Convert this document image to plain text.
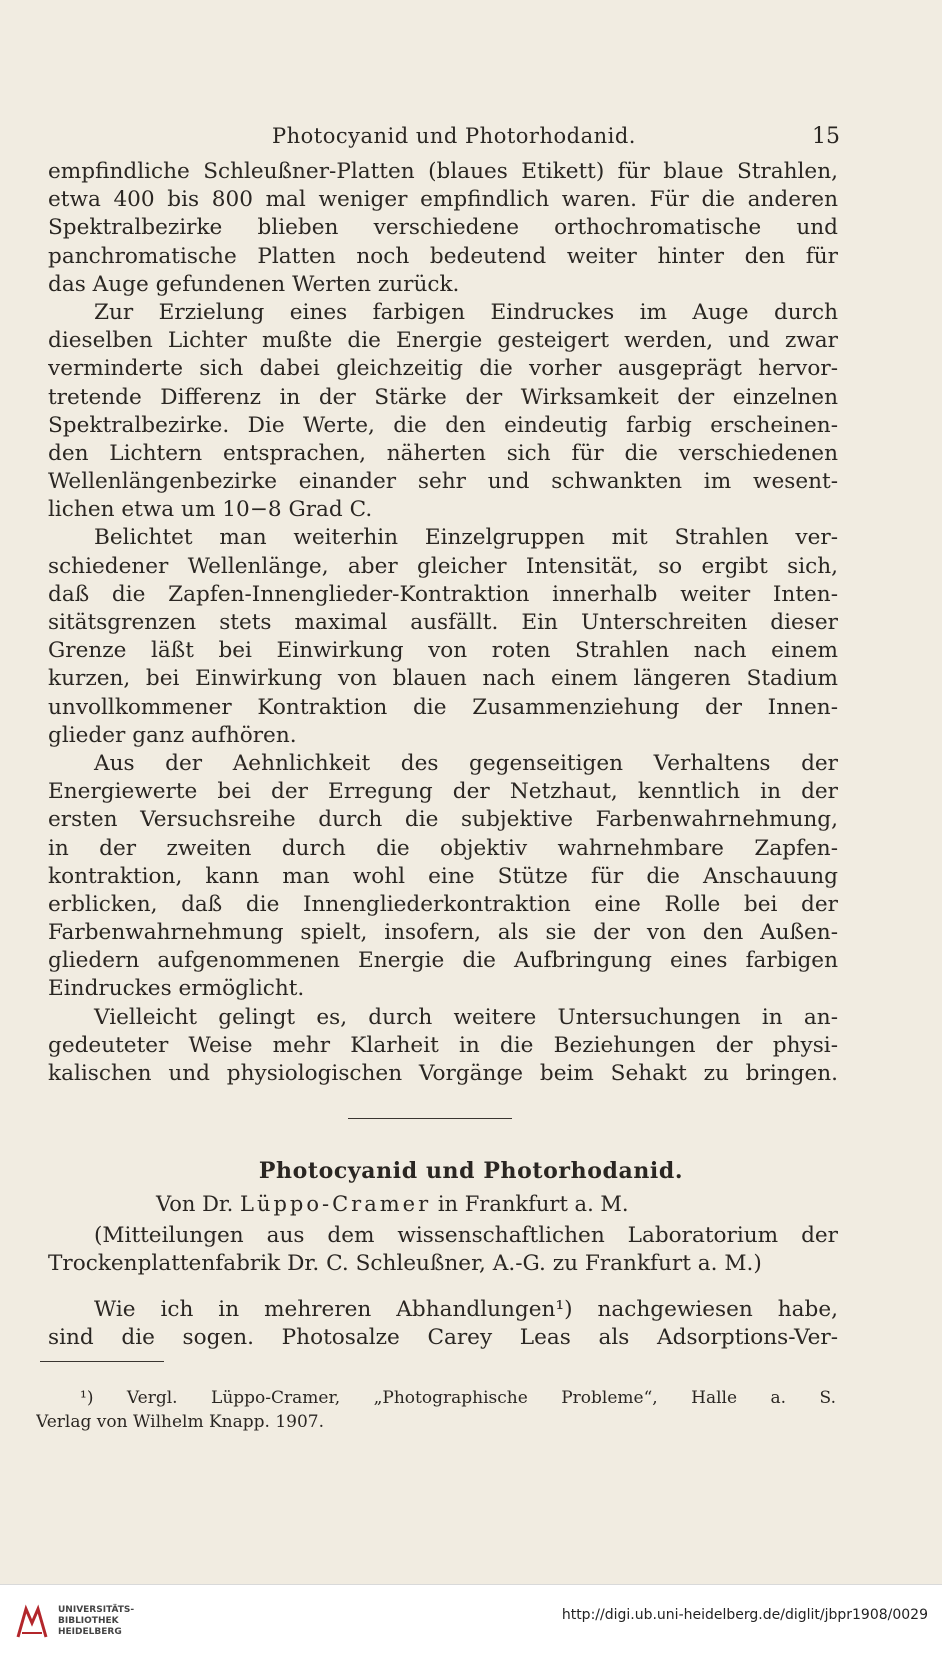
Photocyanid und Photorhodanid.	15
empfindliche Schleußner-Platten (blaues Etikett) für blaue Strahlen,
etwa 400 bis 800 mal weniger empfindlich waren. Für die anderen
Spektralbezirke blieben verschiedene orthochromatische und
panchromatische Platten noch bedeutend weiter hinter den für
das Auge gefundenen Werten zurück.
Zur Erzielung eines farbigen Eindruckes im Auge durch
dieselben Lichter mußte die Energie gesteigert werden, und zwar
verminderte sich dabei gleichzeitig die vorher ausgeprägt hervor-
tretende Differenz in der Stärke der Wirksamkeit der einzelnen
Spektralbezirke. Die Werte, die den eindeutig farbig erscheinen-
den Lichtern entsprachen, näherten sich für die verschiedenen
Wellenlängenbezirke einander sehr und schwankten im wesent-
lichen etwa um 10−8 Grad C.
Belichtet man weiterhin Einzelgruppen mit Strahlen ver-
schiedener Wellenlänge, aber gleicher Intensität, so ergibt sich,
daß die Zapfen-Innenglieder-Kontraktion innerhalb weiter Inten-
sitätsgrenzen stets maximal ausfällt. Ein Unterschreiten dieser
Grenze läßt bei Einwirkung von roten Strahlen nach einem
kurzen, bei Einwirkung von blauen nach einem längeren Stadium
unvollkommener Kontraktion die Zusammenziehung der Innen-
glieder ganz aufhören.
Aus der Aehnlichkeit des gegenseitigen Verhaltens der
Energiewerte bei der Erregung der Netzhaut, kenntlich in der
ersten Versuchsreihe durch die subjektive Farbenwahrnehmung,
in der zweiten durch die objektiv wahrnehmbare Zapfen-
kontraktion, kann man wohl eine Stütze für die Anschauung
erblicken, daß die Innengliederkontraktion eine Rolle bei der
Farbenwahrnehmung spielt, insofern, als sie der von den Außen-
gliedern aufgenommenen Energie die Aufbringung eines farbigen
Eindruckes ermöglicht.
Vielleicht gelingt es, durch weitere Untersuchungen in an-
gedeuteter Weise mehr Klarheit in die Beziehungen der physi-
kalischen und physiologischen Vorgänge beim Sehakt zu bringen.
Photocyanid und Photorhodanid.
Von Dr. Lüppo-Cramer in Frankfurt a. M.
(Mitteilungen aus dem wissenschaftlichen Laboratorium der
Trockenplattenfabrik Dr. C. Schleußner, A.-G. zu Frankfurt a. M.)
Wie ich in mehreren Abhandlungen¹) nachgewiesen habe,
sind die sogen. Photosalze Carey Leas als Adsorptions-Ver-
¹) Vergl. Lüppo-Cramer, „Photographische Probleme“, Halle a. S.
Verlag von Wilhelm Knapp. 1907.
UNIVERSITÄTS-
BIBLIOTHEK
HEIDELBERG
http://digi.ub.uni-heidelberg.de/diglit/jbpr1908/0029
